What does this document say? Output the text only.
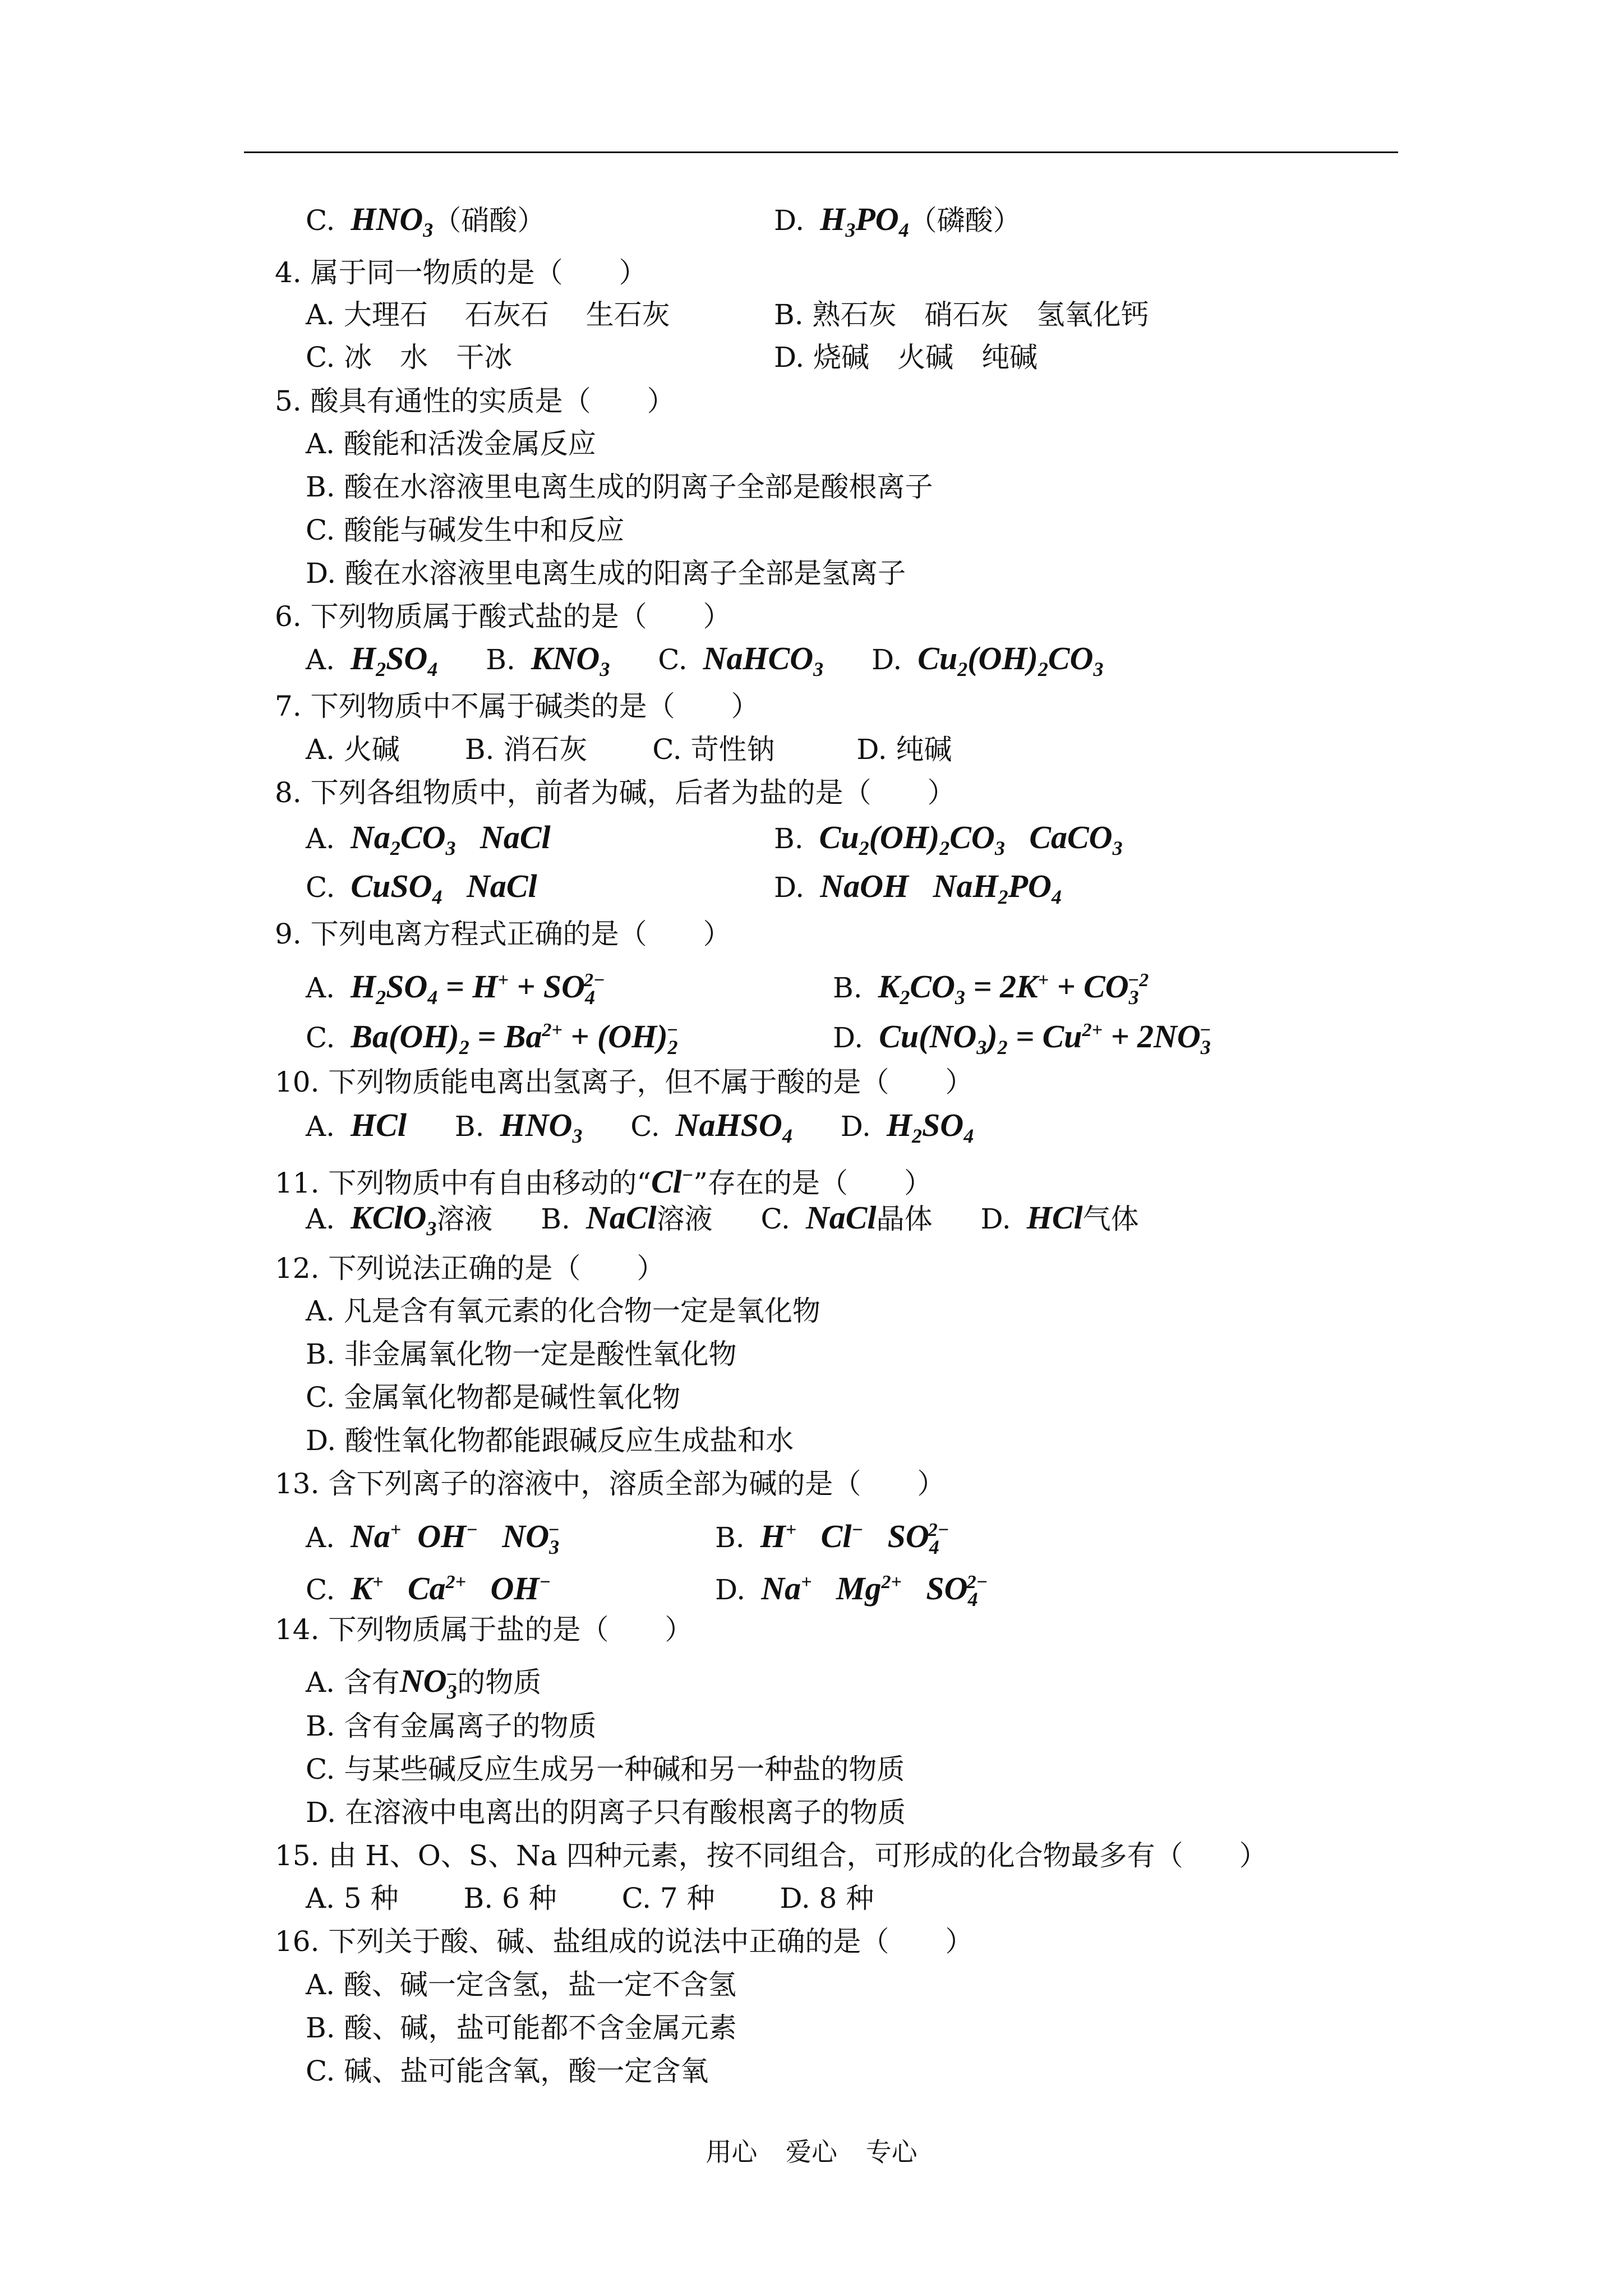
C. $HNO_3$（硝酸）	D. $H_3PO_4$（磷酸）
4. 属于同一物质的是（　　）
A. 大理石　 石灰石　 生石灰	B. 熟石灰　硝石灰　氢氧化钙
C. 冰　水　干冰	D. 烧碱　火碱　纯碱
5. 酸具有通性的实质是（　　）
A. 酸能和活泼金属反应
B. 酸在水溶液里电离生成的阴离子全部是酸根离子
C. 酸能与碱发生中和反应
D. 酸在水溶液里电离生成的阳离子全部是氢离子
6. 下列物质属于酸式盐的是（　　）
A. $H_2SO_4$ B. $KNO_3$ C. NaHCO$_3$ D. $Cu_2(OH)_2CO_3$
7. 下列物质中不属于碱类的是（　　）
A. 火碱 B. 消石灰 C. 苛性钠	D. 纯碱
8. 下列各组物质中，前者为碱，后者为盐的是（　　）
A. $Na_2CO_3$   NaCl	B. $Cu_2(OH)_2CO_3$   CaCO$_3$
C. CuSO$_4$   NaCl	D. NaOH   $NaH_2PO_4$
9. 下列电离方程式正确的是（　　）
A. $H_2SO_4 = H^+ + SO_4^{2-}$	B. $K_2CO_3 = 2K^+ + CO_3^{-2}$
C. $Ba(OH)_2 = Ba^{2+} + (OH)_2^-$	D. $Cu(NO_3)_2 = Cu^{2+} + 2NO_3^-$
10. 下列物质能电离出氢离子，但不属于酸的是（　　）
A. HCl B. $HNO_3$ C. NaHSO$_4$ D. $H_2SO_4$
11. 下列物质中有自由移动的“Cl−”存在的是（　　）
A. KClO$_3$溶液 B. NaCl溶液 C. NaCl晶体 D. HCl气体
12. 下列说法正确的是（　　）
A. 凡是含有氧元素的化合物一定是氧化物
B. 非金属氧化物一定是酸性氧化物
C. 金属氧化物都是碱性氧化物
D. 酸性氧化物都能跟碱反应生成盐和水
13. 含下列离子的溶液中，溶质全部为碱的是（　　）
A. Na+  OH−   $NO_3^-$	B. H+   Cl−   $SO_4^{2-}$
C. K+   $Ca^{2+}$   OH−	D. Na+   $Mg^{2+}$   $SO_4^{2-}$
14. 下列物质属于盐的是（　　）
A. 含有$NO_3^-$的物质
B. 含有金属离子的物质
C. 与某些碱反应生成另一种碱和另一种盐的物质
D. 在溶液中电离出的阴离子只有酸根离子的物质
15. 由 H、O、S、Na 四种元素，按不同组合，可形成的化合物最多有（　　）
A. 5 种 B. 6 种 C. 7 种 D. 8 种
16. 下列关于酸、碱、盐组成的说法中正确的是（　　）
A. 酸、碱一定含氢，盐一定不含氢
B. 酸、碱，盐可能都不含金属元素
C. 碱、盐可能含氧，酸一定含氧
用心 爱心 专心
